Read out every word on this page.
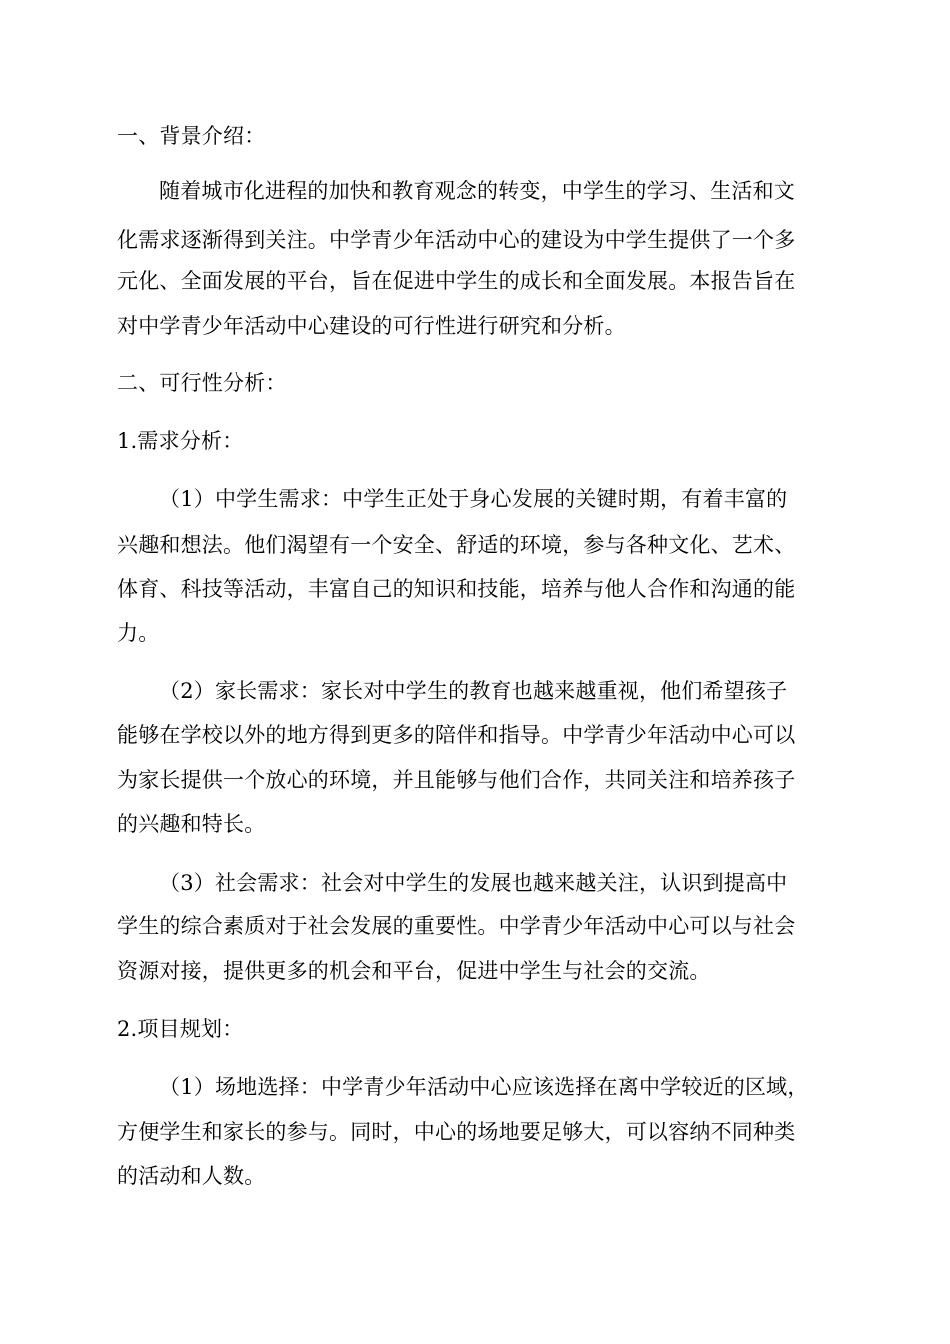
一、背景介绍：
随着城市化进程的加快和教育观念的转变，中学生的学习、生活和文
化需求逐渐得到关注。中学青少年活动中心的建设为中学生提供了一个多
元化、全面发展的平台，旨在促进中学生的成长和全面发展。本报告旨在
对中学青少年活动中心建设的可行性进行研究和分析。
二、可行性分析：
1.需求分析：
（1）中学生需求：中学生正处于身心发展的关键时期，有着丰富的
兴趣和想法。他们渴望有一个安全、舒适的环境，参与各种文化、艺术、
体育、科技等活动，丰富自己的知识和技能，培养与他人合作和沟通的能
力。
（2）家长需求：家长对中学生的教育也越来越重视，他们希望孩子
能够在学校以外的地方得到更多的陪伴和指导。中学青少年活动中心可以
为家长提供一个放心的环境，并且能够与他们合作，共同关注和培养孩子
的兴趣和特长。
（3）社会需求：社会对中学生的发展也越来越关注，认识到提高中
学生的综合素质对于社会发展的重要性。中学青少年活动中心可以与社会
资源对接，提供更多的机会和平台，促进中学生与社会的交流。
2.项目规划：
（1）场地选择：中学青少年活动中心应该选择在离中学较近的区域，
方便学生和家长的参与。同时，中心的场地要足够大，可以容纳不同种类
的活动和人数。
